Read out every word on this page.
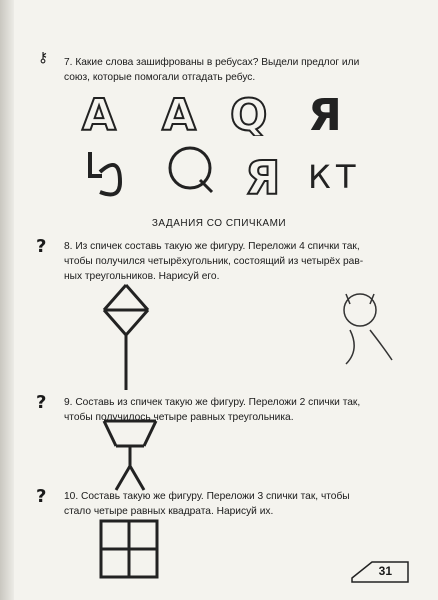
⚷ 7. Какие слова зашифрованы в ребусах? Выдели предлог или
союз, которые помогали отгадать ребус.
A A Q Я
Я К Т
ЗАДАНИЯ СО СПИЧКАМИ
? 8. Из спичек составь такую же фигуру. Переложи 4 спички так,
чтобы получился четырёхугольник, состоящий из четырёх рав-
ных треугольников. Нарисуй его.
? 9. Составь из спичек такую же фигуру. Переложи 2 спички так,
чтобы получилось четыре равных треугольника.
? 10. Составь такую же фигуру. Переложи 3 спички так, чтобы
стало четыре равных квадрата. Нарисуй их.
31
